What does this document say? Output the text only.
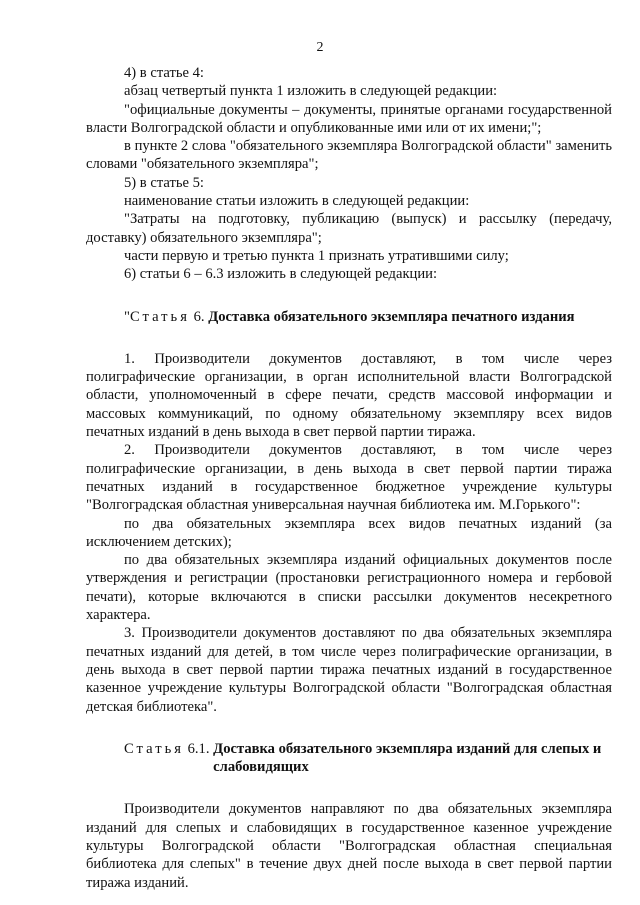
2

4) в статье 4:

абзац четвертый пункта 1 изложить в следующей редакции:

"официальные документы – документы, принятые органами государственной власти Волгоградской области и опубликованные ими или от их имени;";

в пункте 2 слова "обязательного экземпляра Волгоградской области" заменить словами "обязательного экземпляра";

5) в статье 5:

наименование статьи изложить в следующей редакции:

"Затраты на подготовку, публикацию (выпуск) и рассылку (передачу, доставку) обязательного экземпляра";

части первую и третью пункта 1 признать утратившими силу;

6) статьи 6 – 6.3 изложить в следующей редакции:

"Статья 6. Доставка обязательного экземпляра печатного издания

1. Производители документов доставляют, в том числе через полиграфические организации, в орган исполнительной власти Волгоградской области, уполномоченный в сфере печати, средств массовой информации и массовых коммуникаций, по одному обязательному экземпляру всех видов печатных изданий в день выхода в свет первой партии тиража.

2. Производители документов доставляют, в том числе через полиграфические организации, в день выхода в свет первой партии тиража печатных изданий в государственное бюджетное учреждение культуры "Волгоградская областная универсальная научная библиотека им. М.Горького":

по два обязательных экземпляра всех видов печатных изданий (за исключением детских);

по два обязательных экземпляра изданий официальных документов после утверждения и регистрации (простановки регистрационного номера и гербовой печати), которые включаются в списки рассылки документов несекретного характера.

3. Производители документов доставляют по два обязательных экземпляра печатных изданий для детей, в том числе через полиграфические организации, в день выхода в свет первой партии тиража печатных изданий в государственное казенное учреждение культуры Волгоградской области "Волгоградская областная детская библиотека".

Статья 6.1. Доставка обязательного экземпляра изданий для слепых и слабовидящих

Производители документов направляют по два обязательных экземпляра изданий для слепых и слабовидящих в государственное казенное учреждение культуры Волгоградской области "Волгоградская областная специальная библиотека для слепых" в течение двух дней после выхода в свет первой партии тиража изданий.
